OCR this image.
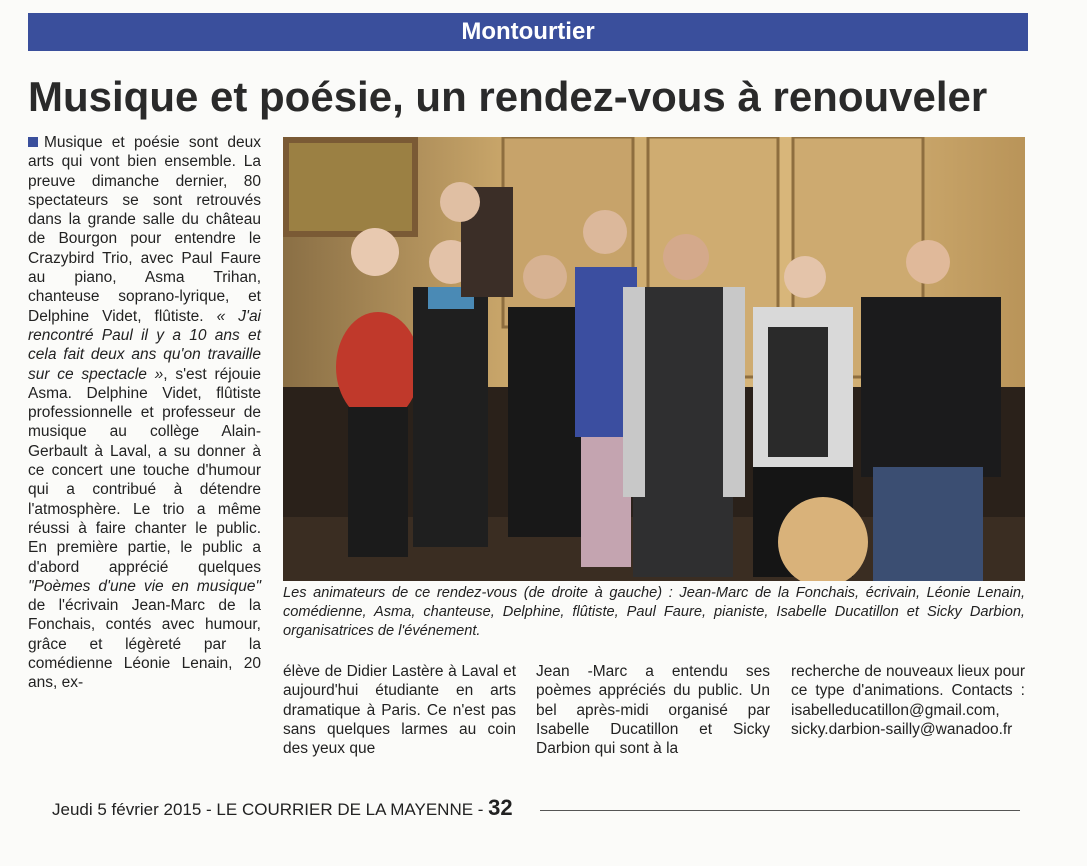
Montourtier
Musique et poésie, un rendez-vous à renouveler

Musique et poésie sont deux arts qui vont bien ensemble. La preuve dimanche dernier, 80 spectateurs se sont retrouvés dans la grande salle du château de Bourgon pour entendre le Crazybird Trio, avec Paul Faure au piano, Asma Trihan, chanteuse soprano-lyrique, et Delphine Videt, flûtiste. « J'ai rencontré Paul il y a 10 ans et cela fait deux ans qu'on travaille sur ce spectacle », s'est réjouie Asma. Delphine Videt, flûtiste professionnelle et professeur de musique au collège Alain-Gerbault à Laval, a su donner à ce concert une touche d'humour qui a contribué à détendre l'atmosphère. Le trio a même réussi à faire chanter le public. En première partie, le public a d'abord apprécié quelques "Poèmes d'une vie en musique" de l'écrivain Jean-Marc de la Fonchais, contés avec humour, grâce et légèreté par la comédienne Léonie Lenain, 20 ans, ex-

Les animateurs de ce rendez-vous (de droite à gauche) : Jean-Marc de la Fonchais, écrivain, Léonie Lenain, comédienne, Asma, chanteuse, Delphine, flûtiste, Paul Faure, pianiste, Isabelle Ducatillon et Sicky Darbion, organisatrices de l'événement.
élève de Didier Lastère à Laval et aujourd'hui étudiante en arts dramatique à Paris. Ce n'est pas sans quelques larmes au coin des yeux que
Jean -Marc a entendu ses poèmes appréciés du public. Un bel après-midi organisé par Isabelle Ducatillon et Sicky Darbion qui sont à la
recherche de nouveaux lieux pour ce type d'animations. Contacts : isabelleducatillon@gmail.com, sicky.darbion-sailly@wanadoo.fr
Jeudi 5 février 2015 - LE COURRIER DE LA MAYENNE - 32
